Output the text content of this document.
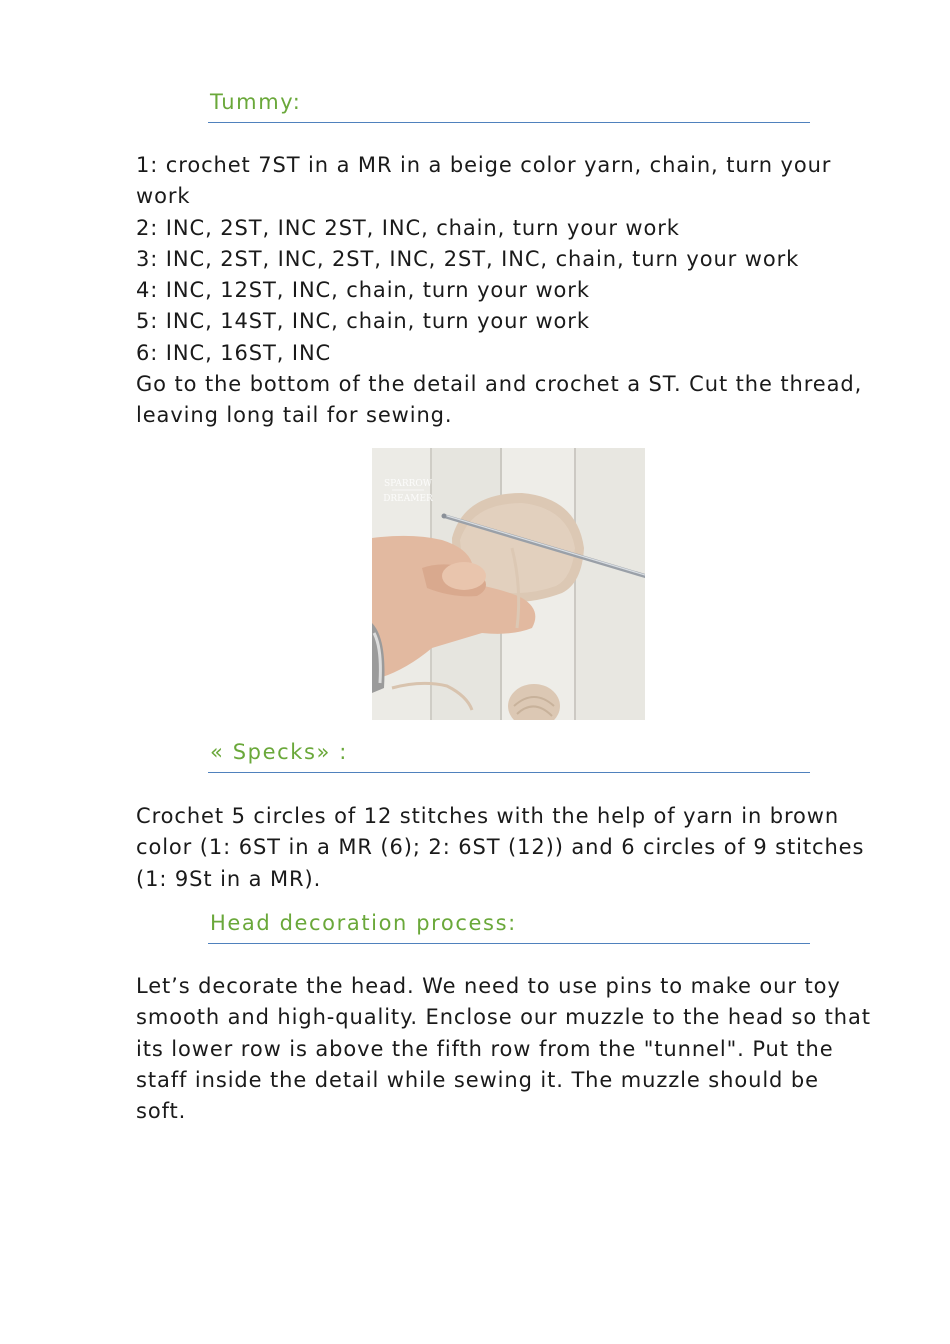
Tummy:
1: crochet 7ST in a MR in a beige color yarn, chain, turn your work
2: INC, 2ST, INC 2ST, INC, chain, turn your work
3: INC, 2ST, INC, 2ST, INC, 2ST, INC, chain, turn your work
4: INC, 12ST, INC, chain, turn your work
5: INC, 14ST, INC, chain, turn your work
6: INC, 16ST, INC
Go to the bottom of the detail and crochet a ST. Cut the thread, leaving long tail for sewing.
SPARROW
DREAMER
« Specks» :
Crochet 5 circles of 12 stitches with the help of yarn in brown color (1: 6ST in a MR (6); 2: 6ST (12)) and 6 circles of 9 stitches (1: 9St in a MR).
Head decoration process:
Let’s decorate the head. We need to use pins to make our toy smooth and high-quality. Enclose our muzzle to the head so that its lower row is above the fifth row from the "tunnel". Put the staff inside the detail while sewing it. The muzzle should be soft.
